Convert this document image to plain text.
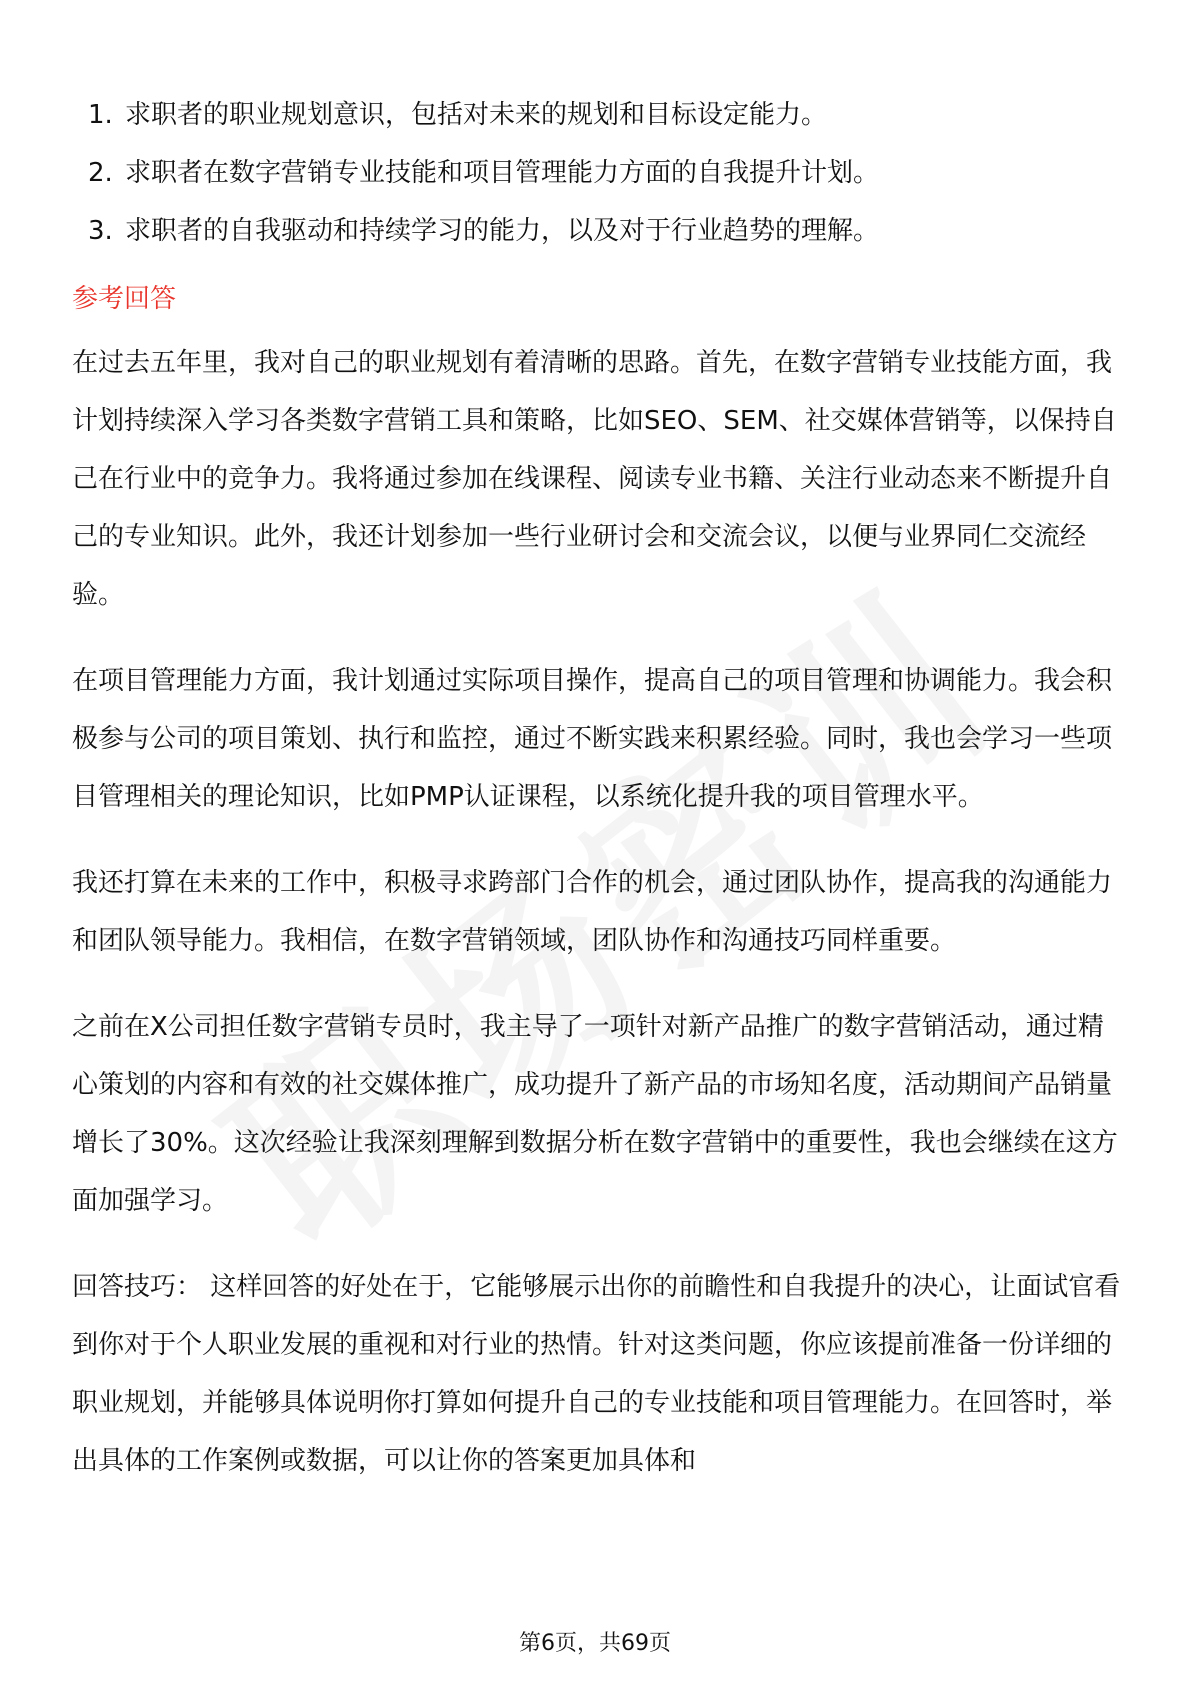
1. 求职者的职业规划意识，包括对未来的规划和目标设定能力。
2. 求职者在数字营销专业技能和项目管理能力方面的自我提升计划。
3. 求职者的自我驱动和持续学习的能力，以及对于行业趋势的理解。
参考回答

在过去五年里，我对自己的职业规划有着清晰的思路。首先，在数字营销专业技能方面，我计划持续深入学习各类数字营销工具和策略，比如SEO、SEM、社交媒体营销等，以保持自己在行业中的竞争力。我将通过参加在线课程、阅读专业书籍、关注行业动态来不断提升自己的专业知识。此外，我还计划参加一些行业研讨会和交流会议，以便与业界同仁交流经验。

在项目管理能力方面，我计划通过实际项目操作，提高自己的项目管理和协调能力。我会积极参与公司的项目策划、执行和监控，通过不断实践来积累经验。同时，我也会学习一些项目管理相关的理论知识，比如PMP认证课程，以系统化提升我的项目管理水平。

我还打算在未来的工作中，积极寻求跨部门合作的机会，通过团队协作，提高我的沟通能力和团队领导能力。我相信，在数字营销领域，团队协作和沟通技巧同样重要。

之前在X公司担任数字营销专员时，我主导了一项针对新产品推广的数字营销活动，通过精心策划的内容和有效的社交媒体推广，成功提升了新产品的市场知名度，活动期间产品销量增长了30%。这次经验让我深刻理解到数据分析在数字营销中的重要性，我也会继续在这方面加强学习。

回答技巧： 这样回答的好处在于，它能够展示出你的前瞻性和自我提升的决心，让面试官看到你对于个人职业发展的重视和对行业的热情。针对这类问题，你应该提前准备一份详细的职业规划，并能够具体说明你打算如何提升自己的专业技能和项目管理能力。在回答时，举出具体的工作案例或数据，可以让你的答案更加具体和

第6页，共69页
